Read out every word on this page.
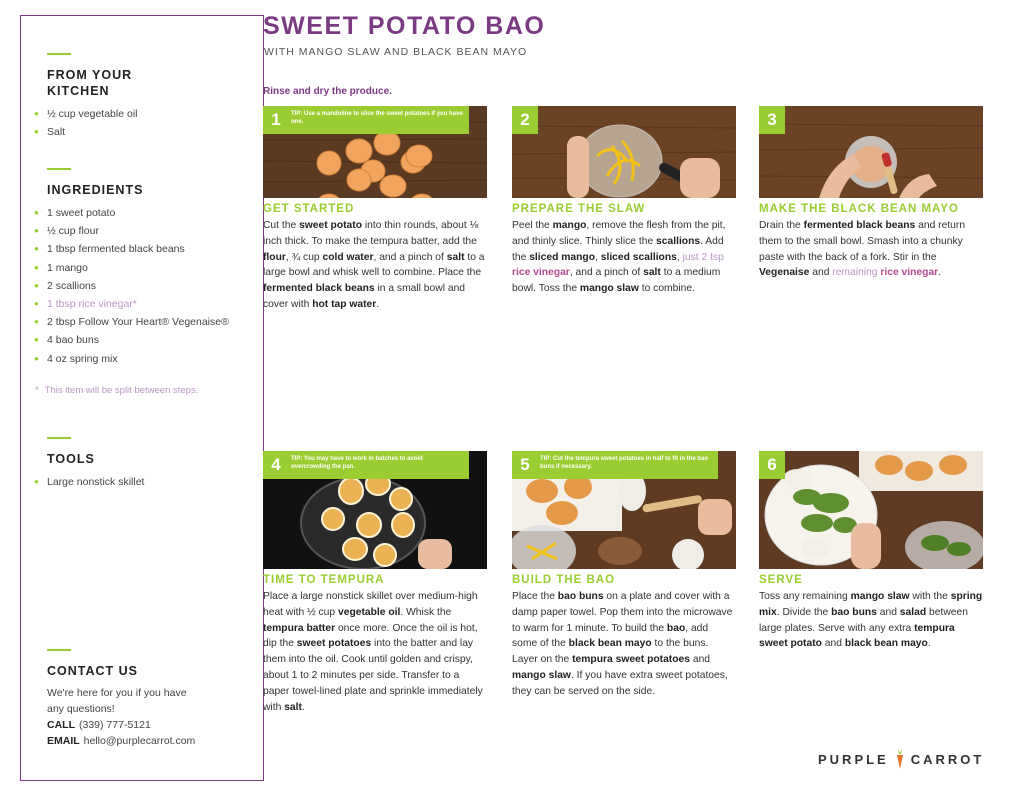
FROM YOUR
KITCHEN
● ½ cup vegetable oil
● Salt
INGREDIENTS
● 1 sweet potato
● ½ cup flour
● 1 tbsp fermented black beans
● 1 mango
● 2 scallions
● 1 tbsp rice vinegar*
● 2 tbsp Follow Your Heart® Vegenaise®
● 4 bao buns
● 4 oz spring mix
* This item will be split between steps.
TOOLS
● Large nonstick skillet
CONTACT US

We're here for you if you have
any questions!

CALL (339) 777-5121

EMAIL hello@purplecarrot.com

SWEET POTATO BAO
WITH MANGO SLAW AND BLACK BEAN MAYO
Rinse and dry the produce.
1	TIP: Use a mandoline to slice the sweet potatoes if you have one.
GET STARTED
Cut the sweet potato into thin rounds, about ⅛ inch thick. To make the tempura batter, add the flour, ¾ cup cold water, and a pinch of salt to a large bowl and whisk well to combine. Place the fermented black beans in a small bowl and cover with hot tap water.
2
PREPARE THE SLAW
Peel the mango, remove the flesh from the pit, and thinly slice. Thinly slice the scallions. Add the sliced mango, sliced scallions, just 2 tsp rice vinegar, and a pinch of salt to a medium bowl. Toss the mango slaw to combine.
3
MAKE THE BLACK BEAN MAYO
Drain the fermented black beans and return them to the small bowl. Smash into a chunky paste with the back of a fork. Stir in the Vegenaise and remaining rice vinegar.
4	TIP: You may have to work in batches to avoid overcrowding the pan.
TIME TO TEMPURA
Place a large nonstick skillet over medium-high heat with ½ cup vegetable oil. Whisk the tempura batter once more. Once the oil is hot, dip the sweet potatoes into the batter and lay them into the oil. Cook until golden and crispy, about 1 to 2 minutes per side. Transfer to a paper towel-lined plate and sprinkle immediately with salt.
5	TIP: Cut the tempura sweet potatoes in half to fit in the bao buns if necessary.
BUILD THE BAO
Place the bao buns on a plate and cover with a damp paper towel. Pop them into the microwave to warm for 1 minute. To build the bao, add some of the black bean mayo to the buns. Layer on the tempura sweet potatoes and mango slaw. If you have extra sweet potatoes, they can be served on the side.
6
SERVE
Toss any remaining mango slaw with the spring mix. Divide the bao buns and salad between large plates. Serve with any extra tempura sweet potato and black bean mayo.
PURPLE CARROT
